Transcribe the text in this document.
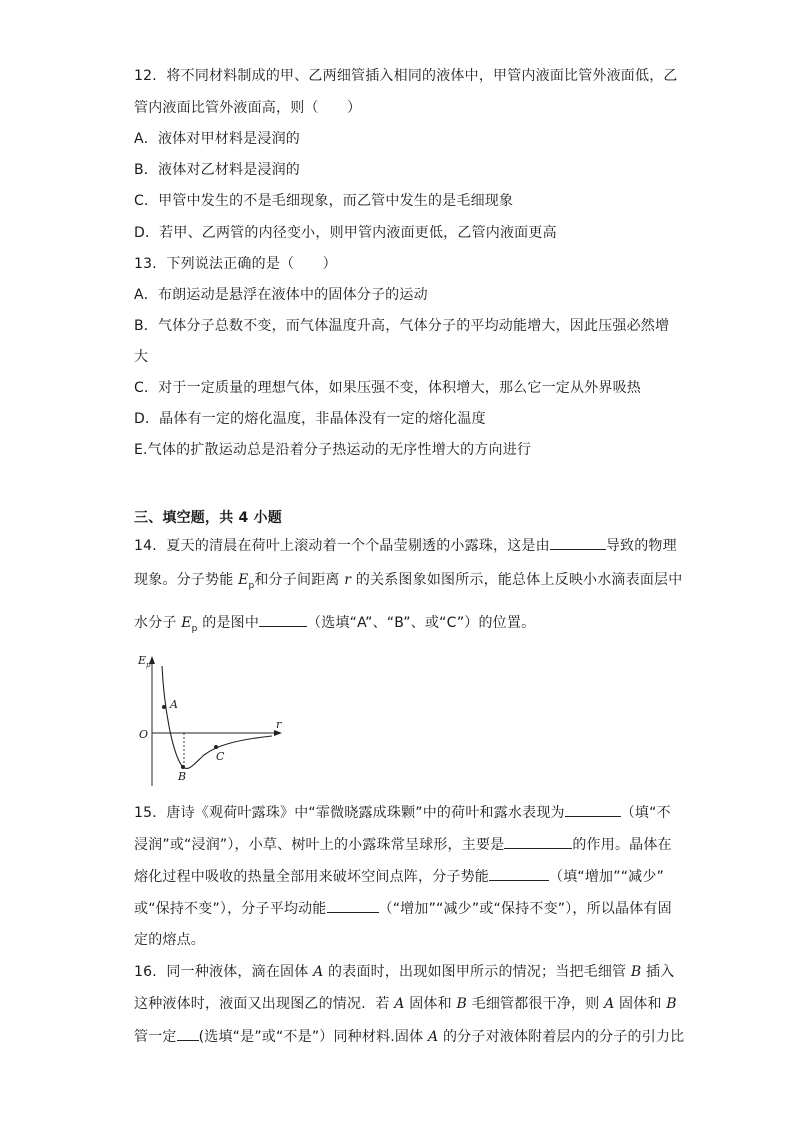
12．将不同材料制成的甲、乙两细管插入相同的液体中，甲管内液面比管外液面低，乙
管内液面比管外液面高，则（　　）
A．液体对甲材料是浸润的
B．液体对乙材料是浸润的
C．甲管中发生的不是毛细现象，而乙管中发生的是毛细现象
D．若甲、乙两管的内径变小，则甲管内液面更低，乙管内液面更高
13．下列说法正确的是（　　）
A．布朗运动是悬浮在液体中的固体分子的运动
B．气体分子总数不变，而气体温度升高，气体分子的平均动能增大，因此压强必然增
大
C．对于一定质量的理想气体，如果压强不变，体积增大，那么它一定从外界吸热
D．晶体有一定的熔化温度，非晶体没有一定的熔化温度
E.气体的扩散运动总是沿着分子热运动的无序性增大的方向进行
三、填空题，共 4 小题
14．夏天的清晨在荷叶上滚动着一个个晶莹剔透的小露珠，这是由	导致的物理
现象。分子势能 $E_p$和分子间距离 r 的关系图象如图所示，能总体上反映小水滴表面层中
水分子 $E_p$ 的是图中	（选填“A”、“B”、或“C”）的位置。
$E_p$
r
O
A
B
C
15．唐诗《观荷叶露珠》中“霏微晓露成珠颗”中的荷叶和露水表现为	（填“不
浸润”或“浸润”），小草、树叶上的小露珠常呈球形，主要是	的作用。晶体在
熔化过程中吸收的热量全部用来破坏空间点阵，分子势能	（填“增加”“减少”
或“保持不变”），分子平均动能	（“增加”“减少”或“保持不变”），所以晶体有固
定的熔点。
16．同一种液体，滴在固体 A 的表面时，出现如图甲所示的情况；当把毛细管 B 插入
这种液体时，液面又出现图乙的情况．若 A 固体和 B 毛细管都很干净，则 A 固体和 B
管一定 (选填“是”或“不是”）同种材料.固体 A 的分子对液体附着层内的分子的引力比
